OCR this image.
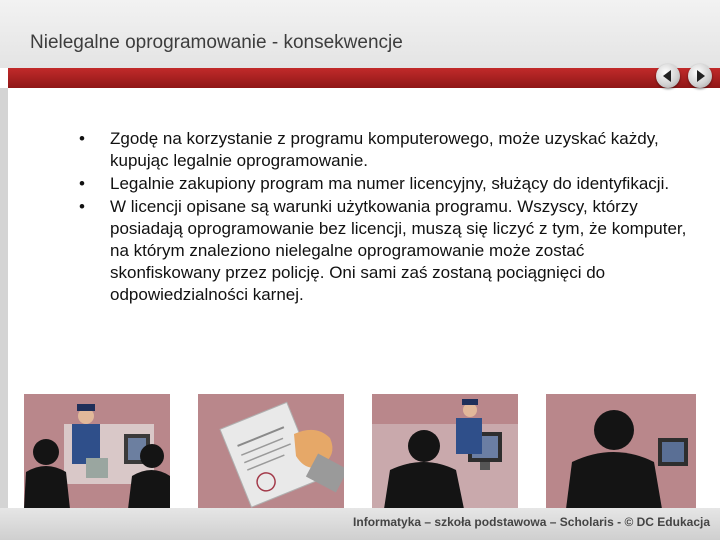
Nielegalne oprogramowanie - konsekwencje
•	Zgodę na korzystanie z programu komputerowego, może uzyskać każdy, kupując legalnie oprogramowanie.
•	Legalnie zakupiony program ma numer licencyjny, służący do identyfikacji.
•	W licencji opisane są warunki użytkowania programu. Wszyscy, którzy posiadają oprogramowanie bez licencji, muszą się liczyć z tym, że komputer, na którym znaleziono nielegalne oprogramowanie może zostać skonfiskowany przez policję. Oni sami zaś zostaną pociągnięci do odpowiedzialności karnej.
Informatyka – szkoła podstawowa – Scholaris - © DC Edukacja
